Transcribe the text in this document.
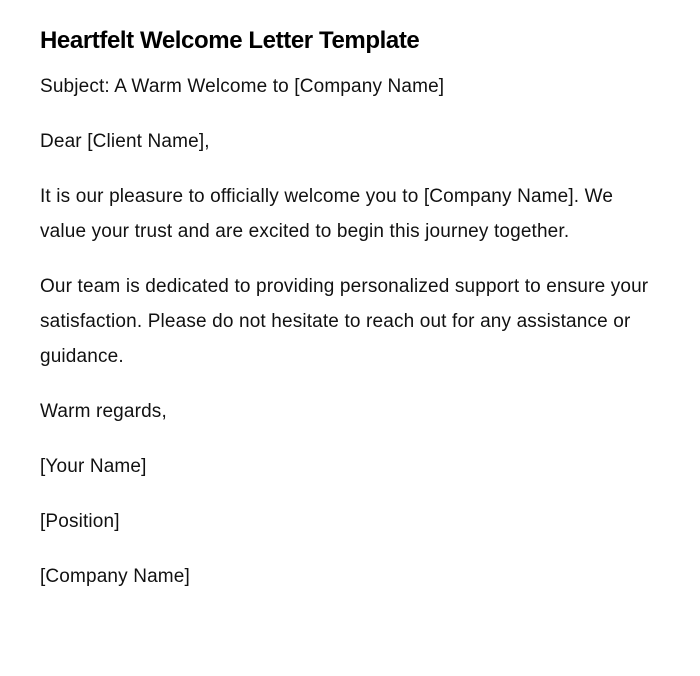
Heartfelt Welcome Letter Template

Subject: A Warm Welcome to [Company Name]

Dear [Client Name],

It is our pleasure to officially welcome you to [Company Name]. We value your trust and are excited to begin this journey together.

Our team is dedicated to providing personalized support to ensure your satisfaction. Please do not hesitate to reach out for any assistance or guidance.

Warm regards,

[Your Name]

[Position]

[Company Name]
